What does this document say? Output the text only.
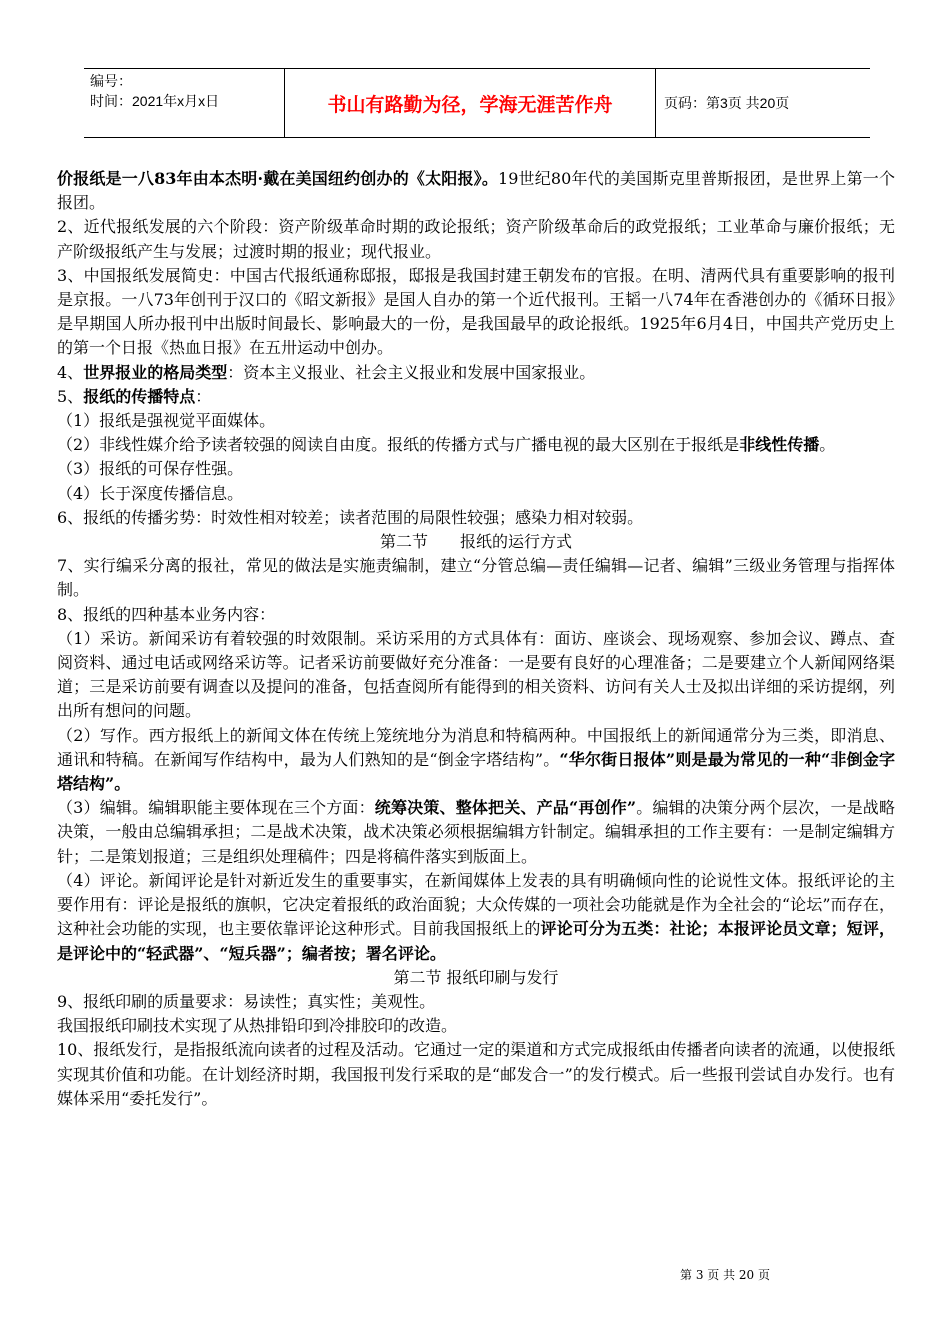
编号：
时间：2021年x月x日	书山有路勤为径，学海无涯苦作舟	页码：第3页 共20页

价报纸是一八83年由本杰明·戴在美国纽约创办的《太阳报》。19世纪80年代的美国斯克里普斯报团，是世界上第一个报团。

2、近代报纸发展的六个阶段：资产阶级革命时期的政论报纸；资产阶级革命后的政党报纸；工业革命与廉价报纸；无产阶级报纸产生与发展；过渡时期的报业；现代报业。

3、中国报纸发展简史：中国古代报纸通称邸报，邸报是我国封建王朝发布的官报。在明、清两代具有重要影响的报刊是京报。一八73年创刊于汉口的《昭文新报》是国人自办的第一个近代报刊。王韬一八74年在香港创办的《循环日报》是早期国人所办报刊中出版时间最长、影响最大的一份，是我国最早的政论报纸。1925年6月4日，中国共产党历史上的第一个日报《热血日报》在五卅运动中创办。

4、世界报业的格局类型：资本主义报业、社会主义报业和发展中国家报业。

5、报纸的传播特点：

（1）报纸是强视觉平面媒体。

（2）非线性媒介给予读者较强的阅读自由度。报纸的传播方式与广播电视的最大区别在于报纸是非线性传播。

（3）报纸的可保存性强。

（4）长于深度传播信息。

6、报纸的传播劣势：时效性相对较差；读者范围的局限性较强；感染力相对较弱。

第二节　　报纸的运行方式

7、实行编采分离的报社，常见的做法是实施责编制，建立“分管总编—责任编辑—记者、编辑”三级业务管理与指挥体制。

8、报纸的四种基本业务内容：

（1）采访。新闻采访有着较强的时效限制。采访采用的方式具体有：面访、座谈会、现场观察、参加会议、蹲点、查阅资料、通过电话或网络采访等。记者采访前要做好充分准备：一是要有良好的心理准备；二是要建立个人新闻网络渠道；三是采访前要有调查以及提问的准备，包括查阅所有能得到的相关资料、访问有关人士及拟出详细的采访提纲，列出所有想问的问题。

（2）写作。西方报纸上的新闻文体在传统上笼统地分为消息和特稿两种。中国报纸上的新闻通常分为三类，即消息、通讯和特稿。在新闻写作结构中，最为人们熟知的是“倒金字塔结构”。“华尔街日报体”则是最为常见的一种“非倒金字塔结构”。

（3）编辑。编辑职能主要体现在三个方面：统筹决策、整体把关、产品“再创作”。编辑的决策分两个层次，一是战略决策，一般由总编辑承担；二是战术决策，战术决策必须根据编辑方针制定。编辑承担的工作主要有：一是制定编辑方针；二是策划报道；三是组织处理稿件；四是将稿件落实到版面上。

（4）评论。新闻评论是针对新近发生的重要事实，在新闻媒体上发表的具有明确倾向性的论说性文体。报纸评论的主要作用有：评论是报纸的旗帜，它决定着报纸的政治面貌；大众传媒的一项社会功能就是作为全社会的“论坛”而存在，这种社会功能的实现，也主要依靠评论这种形式。目前我国报纸上的评论可分为五类：社论；本报评论员文章；短评，是评论中的“轻武器”、“短兵器”；编者按；署名评论。

第二节 报纸印刷与发行

9、报纸印刷的质量要求：易读性；真实性；美观性。

我国报纸印刷技术实现了从热排铅印到冷排胶印的改造。

10、报纸发行，是指报纸流向读者的过程及活动。它通过一定的渠道和方式完成报纸由传播者向读者的流通，以使报纸实现其价值和功能。在计划经济时期，我国报刊发行采取的是“邮发合一”的发行模式。后一些报刊尝试自办发行。也有媒体采用“委托发行”。

第 3 页 共 20 页
